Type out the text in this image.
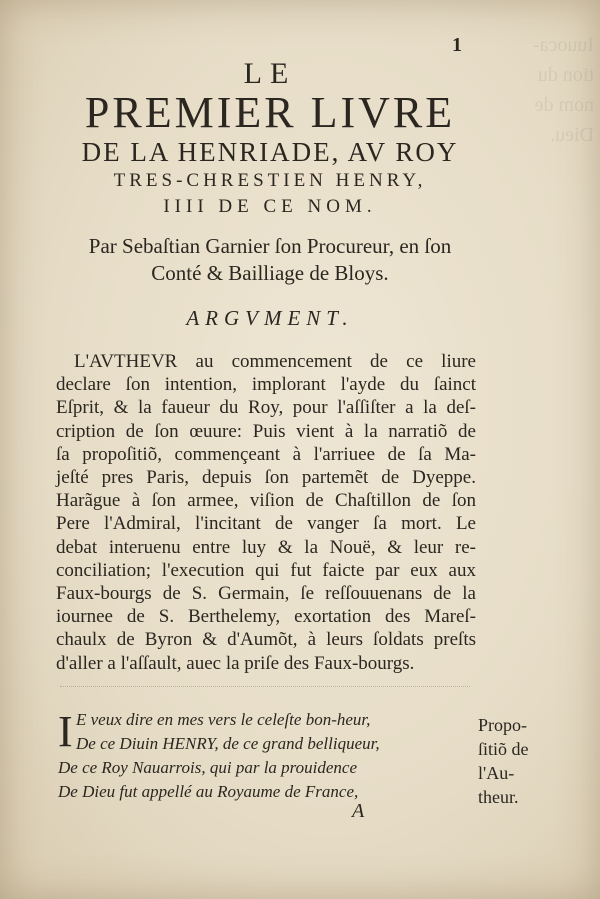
Iuuoca-
tion du
nom de
Dieu.
1
LE
PREMIER LIVRE
DE LA HENRIADE, AV ROY
TRES-CHRESTIEN HENRY,
IIII DE CE NOM.
Par Sebaſtian Garnier ſon Procureur, en ſon
Conté & Bailliage de Bloys.
ARGVMENT.
L'AVTHEVR au commencement de ce liure
declare ſon intention, implorant l'ayde du ſainct
Eſprit, & la faueur du Roy, pour l'aſſiſter a la deſ-
cription de ſon œuure: Puis vient à la narratiõ de
ſa propoſitiõ, commençeant à l'arriuee de ſa Ma-
jeſté pres Paris, depuis ſon partemẽt de Dyeppe.
Harãgue à ſon armee, viſion de Chaſtillon de ſon
Pere l'Admiral, l'incitant de vanger ſa mort. Le
debat interuenu entre luy & la Nouë, & leur re-
conciliation; l'execution qui fut faicte par eux aux
Faux-bourgs de S. Germain, ſe reſſouuenans de la
iournee de S. Berthelemy, exortation des Mareſ-
chaulx de Byron & d'Aumõt, à leurs ſoldats preſts
d'aller a l'aſſault, auec la priſe des Faux-bourgs.
I E veux dire en mes vers le celeſte bon-heur,
De ce Diuin HENRY, de ce grand belliqueur,
De ce Roy Nauarrois, qui par la prouidence
De Dieu fut appellé au Royaume de France,
A
Propo-
ſitiõ de
l'Au-
theur.
